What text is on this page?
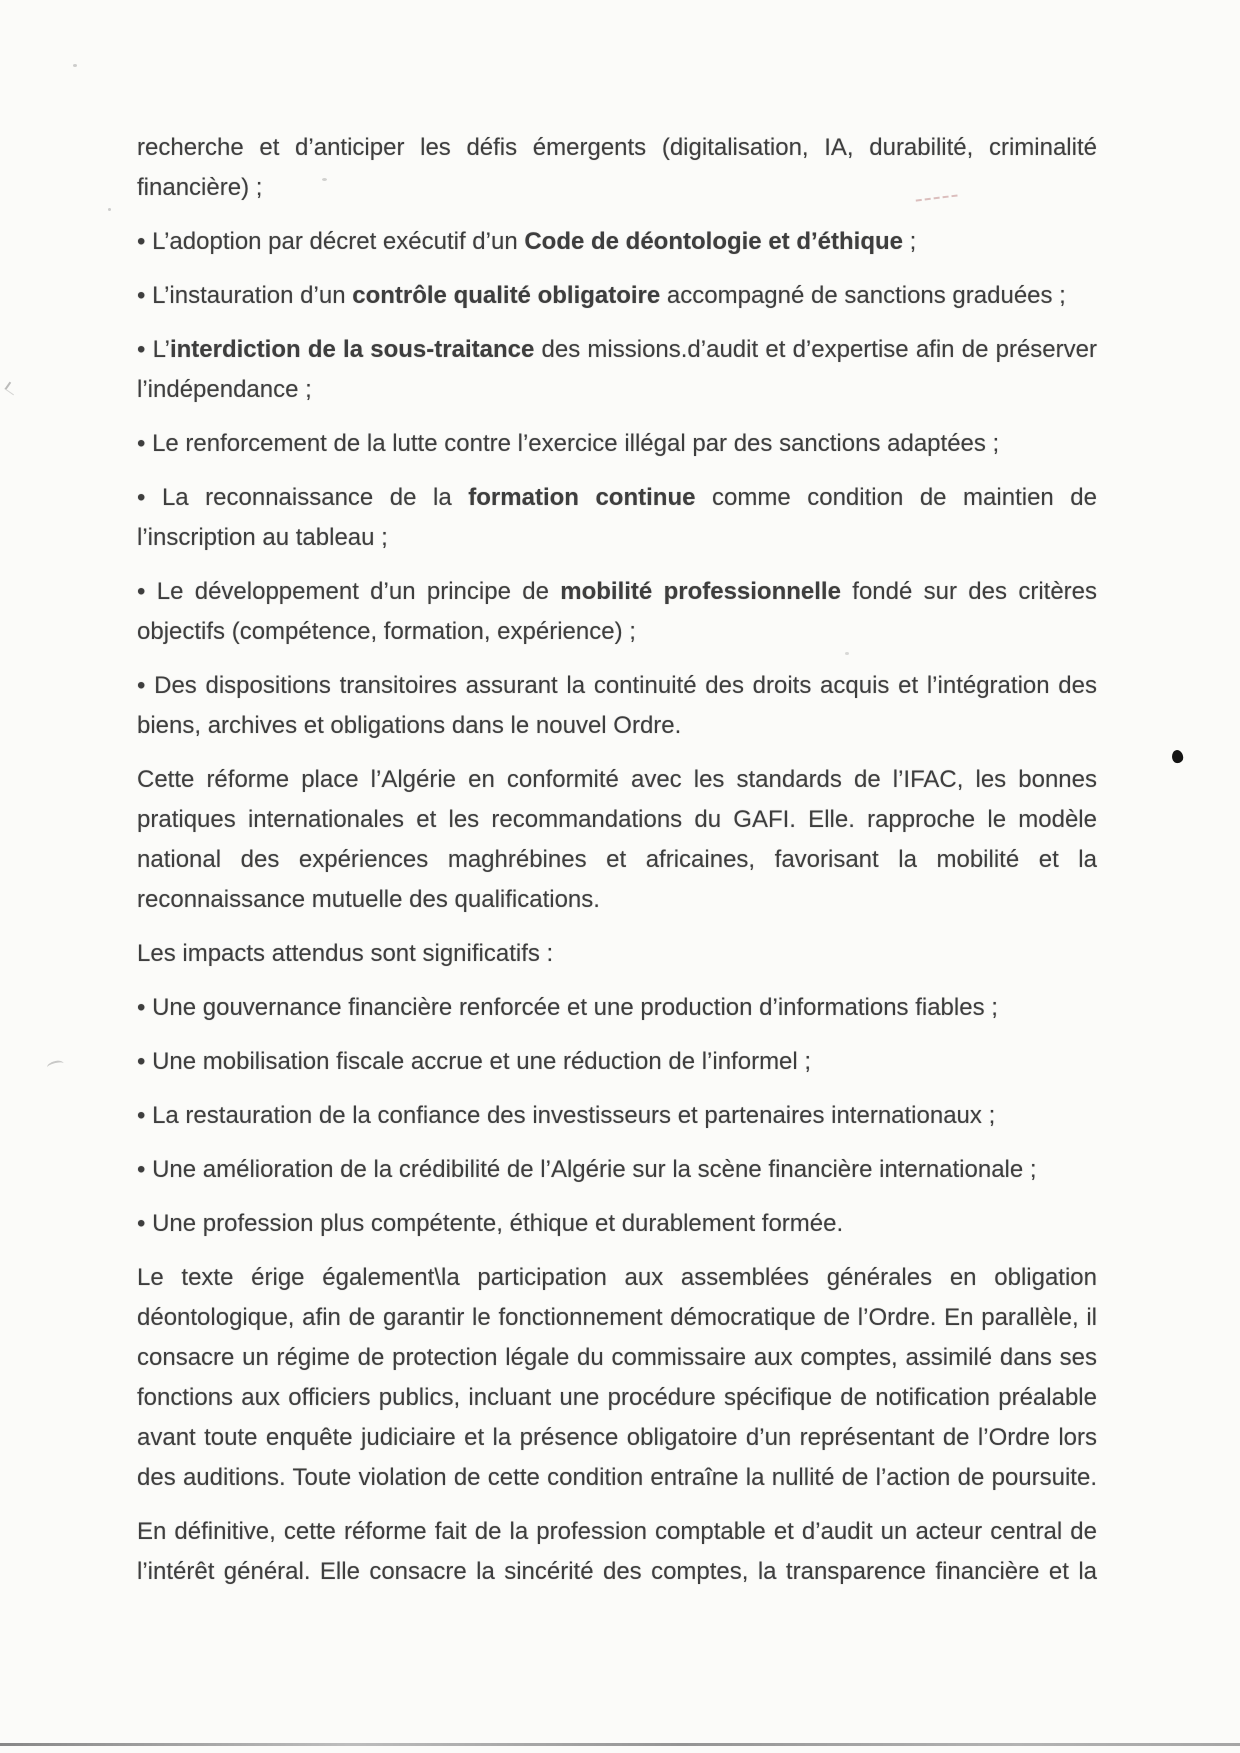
recherche et d’anticiper les défis émergents (digitalisation, IA, durabilité, criminalité
financière) ;
• L’adoption par décret exécutif d’un Code de déontologie et d’éthique ;
• L’instauration d’un contrôle qualité obligatoire accompagné de sanctions graduées ;
• L’interdiction de la sous-traitance des missions.d’audit et d’expertise afin de préserver
l’indépendance ;
• Le renforcement de la lutte contre l’exercice illégal par des sanctions adaptées ;
• La reconnaissance de la formation continue comme condition de maintien de
l’inscription au tableau ;
• Le développement d’un principe de mobilité professionnelle fondé sur des critères
objectifs (compétence, formation, expérience) ;
• Des dispositions transitoires assurant la continuité des droits acquis et l’intégration des
biens, archives et obligations dans le nouvel Ordre.
Cette réforme place l’Algérie en conformité avec les standards de l’IFAC, les bonnes
pratiques internationales et les recommandations du GAFI. Elle. rapproche le modèle
national des expériences maghrébines et africaines, favorisant la mobilité et la
reconnaissance mutuelle des qualifications.
Les impacts attendus sont significatifs :
• Une gouvernance financière renforcée et une production d’informations fiables ;
• Une mobilisation fiscale accrue et une réduction de l’informel ;
• La restauration de la confiance des investisseurs et partenaires internationaux ;
• Une amélioration de la crédibilité de l’Algérie sur la scène financière internationale ;
• Une profession plus compétente, éthique et durablement formée.
Le texte érige également\la participation aux assemblées générales en obligation
déontologique, afin de garantir le fonctionnement démocratique de l’Ordre. En parallèle, il
consacre un régime de protection légale du commissaire aux comptes, assimilé dans ses
fonctions aux officiers publics, incluant une procédure spécifique de notification préalable
avant toute enquête judiciaire et la présence obligatoire d’un représentant de l’Ordre lors
des auditions. Toute violation de cette condition entraîne la nullité de l’action de poursuite.
En définitive, cette réforme fait de la profession comptable et d’audit un acteur central de
l’intérêt général. Elle consacre la sincérité des comptes, la transparence financière et la
